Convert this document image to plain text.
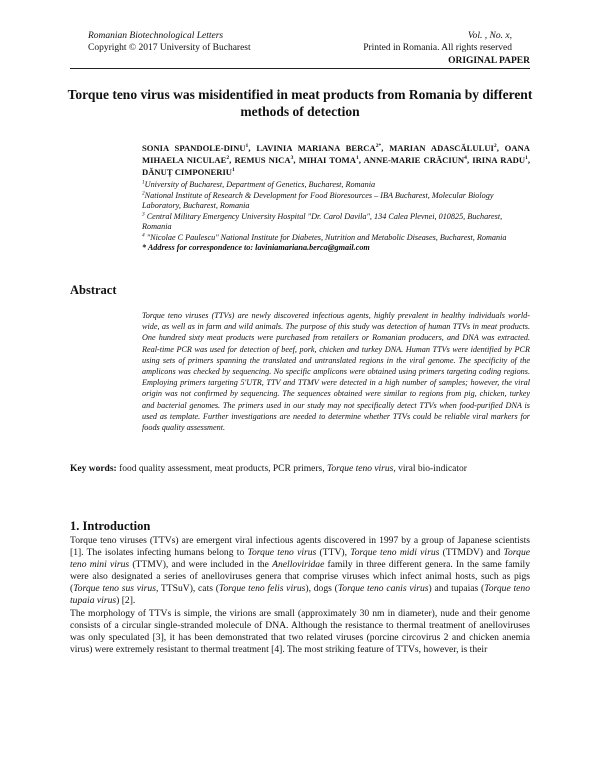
Romanian Biotechnological Letters
Copyright © 2017 University of Bucharest
Vol. , No. x,
Printed in Romania. All rights reserved
ORIGINAL PAPER
Torque teno virus was misidentified in meat products from Romania by different methods of detection
SONIA SPANDOLE-DINU$^1$, LAVINIA MARIANA $BERCA^{2*}$, MARIAN ADASCĂLULUI$^2$, OANA MIHAELA NICULAE$^2$, REMUS NICA$^3$, MIHAI TOMA$^1$, ANNE-MARIE CRĂCIUN$^4$, IRINA RADU$^1$, DĂNUȚ CIMPONERIU$^1$
$^1$University of Bucharest, Department of Genetics, Bucharest, Romania
$^2$National Institute of Research & Development for Food Bioresources – IBA Bucharest, Molecular Biology Laboratory, Bucharest, Romania
$^3$ Central Military Emergency University Hospital "Dr. Carol Davila", 134 Calea Plevnei, 010825, Bucharest, Romania
$^4$ "Nicolae C Paulescu" National Institute for Diabetes, Nutrition and Metabolic Diseases, Bucharest, Romania
* Address for correspondence to: laviniamariana.berca@gmail.com
Abstract
Torque teno viruses (TTVs) are newly discovered infectious agents, highly prevalent in healthy individuals world-wide, as well as in farm and wild animals. The purpose of this study was detection of human TTVs in meat products. One hundred sixty meat products were purchased from retailers or Romanian producers, and DNA was extracted. Real-time PCR was used for detection of beef, pork, chicken and turkey DNA. Human TTVs were identified by PCR using sets of primers spanning the translated and untranslated regions in the viral genome. The specificity of the amplicons was checked by sequencing. No specific amplicons were obtained using primers targeting coding regions. Employing primers targeting 5'UTR, TTV and TTMV were detected in a high number of samples; however, the viral origin was not confirmed by sequencing. The sequences obtained were similar to regions from pig, chicken, turkey and bacterial genomes. The primers used in our study may not specifically detect TTVs when food-purified DNA is used as template. Further investigations are needed to determine whether TTVs could be reliable viral markers for foods quality assessment.
Key words: food quality assessment, meat products, PCR primers, Torque teno virus, viral bio-indicator
1. Introduction

Torque teno viruses (TTVs) are emergent viral infectious agents discovered in 1997 by a group of Japanese scientists [1]. The isolates infecting humans belong to Torque teno virus (TTV), Torque teno midi virus (TTMDV) and Torque teno mini virus (TTMV), and were included in the Anelloviridae family in three different genera. In the same family were also designated a series of anelloviruses genera that comprise viruses which infect animal hosts, such as pigs (Torque teno sus virus, TTSuV), cats (Torque teno felis virus), dogs (Torque teno canis virus) and tupaias (Torque teno tupaia virus) [2].

The morphology of TTVs is simple, the virions are small (approximately 30 nm in diameter), nude and their genome consists of a circular single-stranded molecule of DNA. Although the resistance to thermal treatment of anelloviruses was only speculated [3], it has been demonstrated that two related viruses (porcine circovirus 2 and chicken anemia virus) were extremely resistant to thermal treatment [4]. The most striking feature of TTVs, however, is their
